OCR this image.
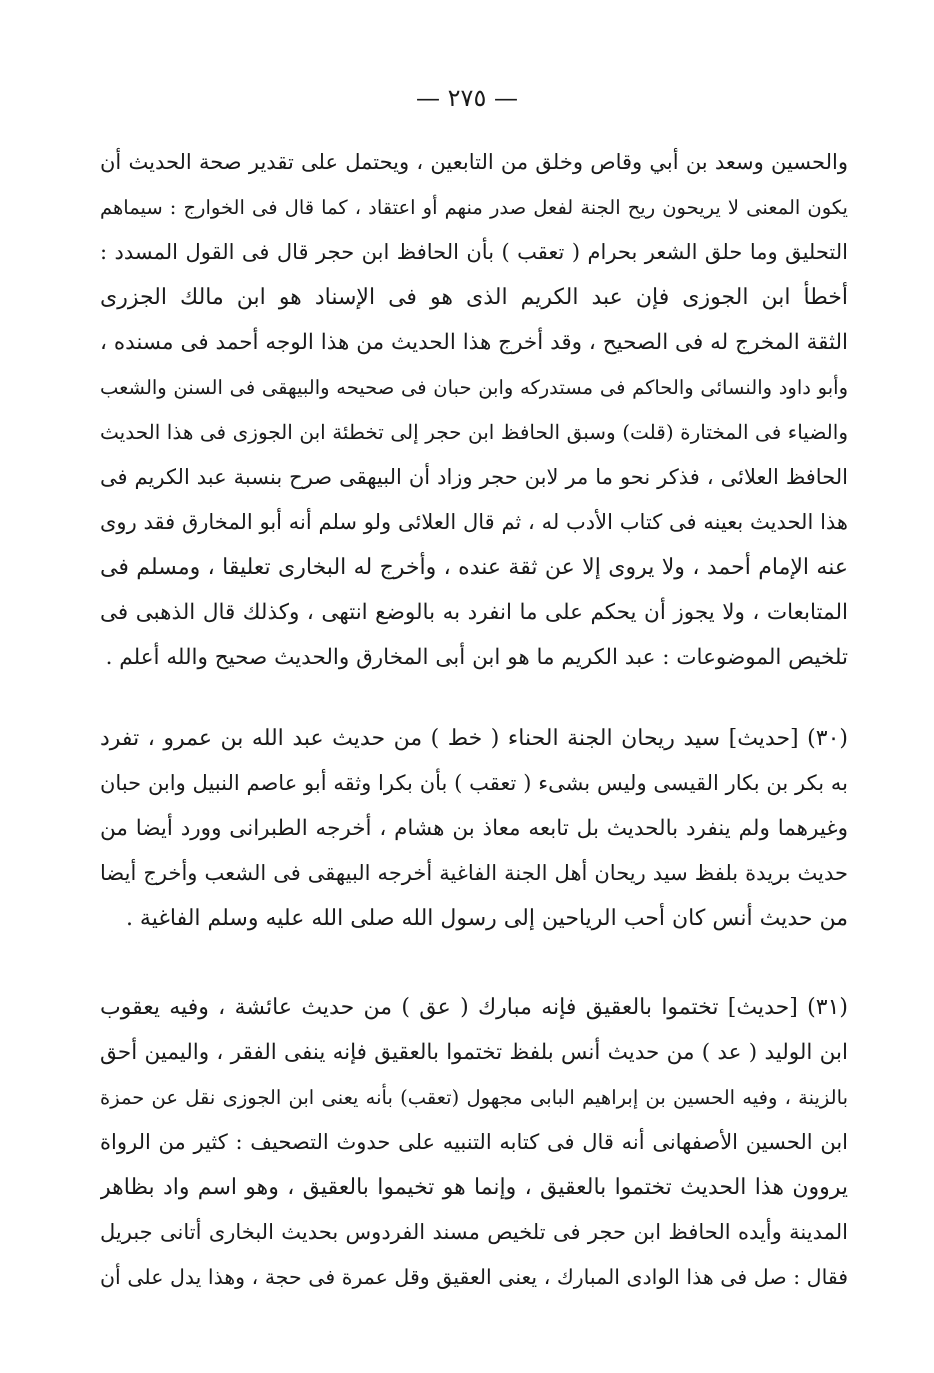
— ٢٧٥ —
والحسين وسعد بن أبي وقاص وخلق من التابعين ، ويحتمل على تقدير صحة الحديث أن
يكون المعنى لا يريحون ريح الجنة لفعل صدر منهم أو اعتقاد ، كما قال فى الخوارج : سيماهم
التحليق وما حلق الشعر بحرام ( تعقب ) بأن الحافظ ابن حجر قال فى القول المسدد :
أخطأ ابن الجوزى فإن عبد الكريم الذى هو فى الإسناد هو ابن مالك الجزرى
الثقة المخرج له فى الصحيح ، وقد أخرج هذا الحديث من هذا الوجه أحمد فى مسنده ،
وأبو داود والنسائى والحاكم فى مستدركه وابن حبان فى صحيحه والبيهقى فى السنن والشعب
والضياء فى المختارة (قلت) وسبق الحافظ ابن حجر إلى تخطئة ابن الجوزى فى هذا الحديث
الحافظ العلائى ، فذكر نحو ما مر لابن حجر وزاد أن البيهقى صرح بنسبة عبد الكريم فى
هذا الحديث بعينه فى كتاب الأدب له ، ثم قال العلائى ولو سلم أنه أبو المخارق فقد روى
عنه الإمام أحمد ، ولا يروى إلا عن ثقة عنده ، وأخرج له البخارى تعليقا ، ومسلم فى
المتابعات ، ولا يجوز أن يحكم على ما انفرد به بالوضع انتهى ، وكذلك قال الذهبى فى
تلخيص الموضوعات : عبد الكريم ما هو ابن أبى المخارق والحديث صحيح والله أعلم .
(٣٠) [حديث] سيد ريحان الجنة الحناء ( خط ) من حديث عبد الله بن عمرو ، تفرد
به بكر بن بكار القيسى وليس بشىء ( تعقب ) بأن بكرا وثقه أبو عاصم النبيل وابن حبان
وغيرهما ولم ينفرد بالحديث بل تابعه معاذ بن هشام ، أخرجه الطبرانى وورد أيضا من
حديث بريدة بلفظ سيد ريحان أهل الجنة الفاغية أخرجه البيهقى فى الشعب وأخرج أيضا
من حديث أنس كان أحب الرياحين إلى رسول الله صلى الله عليه وسلم الفاغية .
(٣١) [حديث] تختموا بالعقيق فإنه مبارك ( عق ) من حديث عائشة ، وفيه يعقوب
ابن الوليد ( عد ) من حديث أنس بلفظ تختموا بالعقيق فإنه ينفى الفقر ، واليمين أحق
بالزينة ، وفيه الحسين بن إبراهيم البابى مجهول (تعقب) بأنه يعنى ابن الجوزى نقل عن حمزة
ابن الحسين الأصفهانى أنه قال فى كتابه التنبيه على حدوث التصحيف : كثير من الرواة
يروون هذا الحديث تختموا بالعقيق ، وإنما هو تخيموا بالعقيق ، وهو اسم واد بظاهر
المدينة وأيده الحافظ ابن حجر فى تلخيص مسند الفردوس بحديث البخارى أتانى جبريل
فقال : صل فى هذا الوادى المبارك ، يعنى العقيق وقل عمرة فى حجة ، وهذا يدل على أن
